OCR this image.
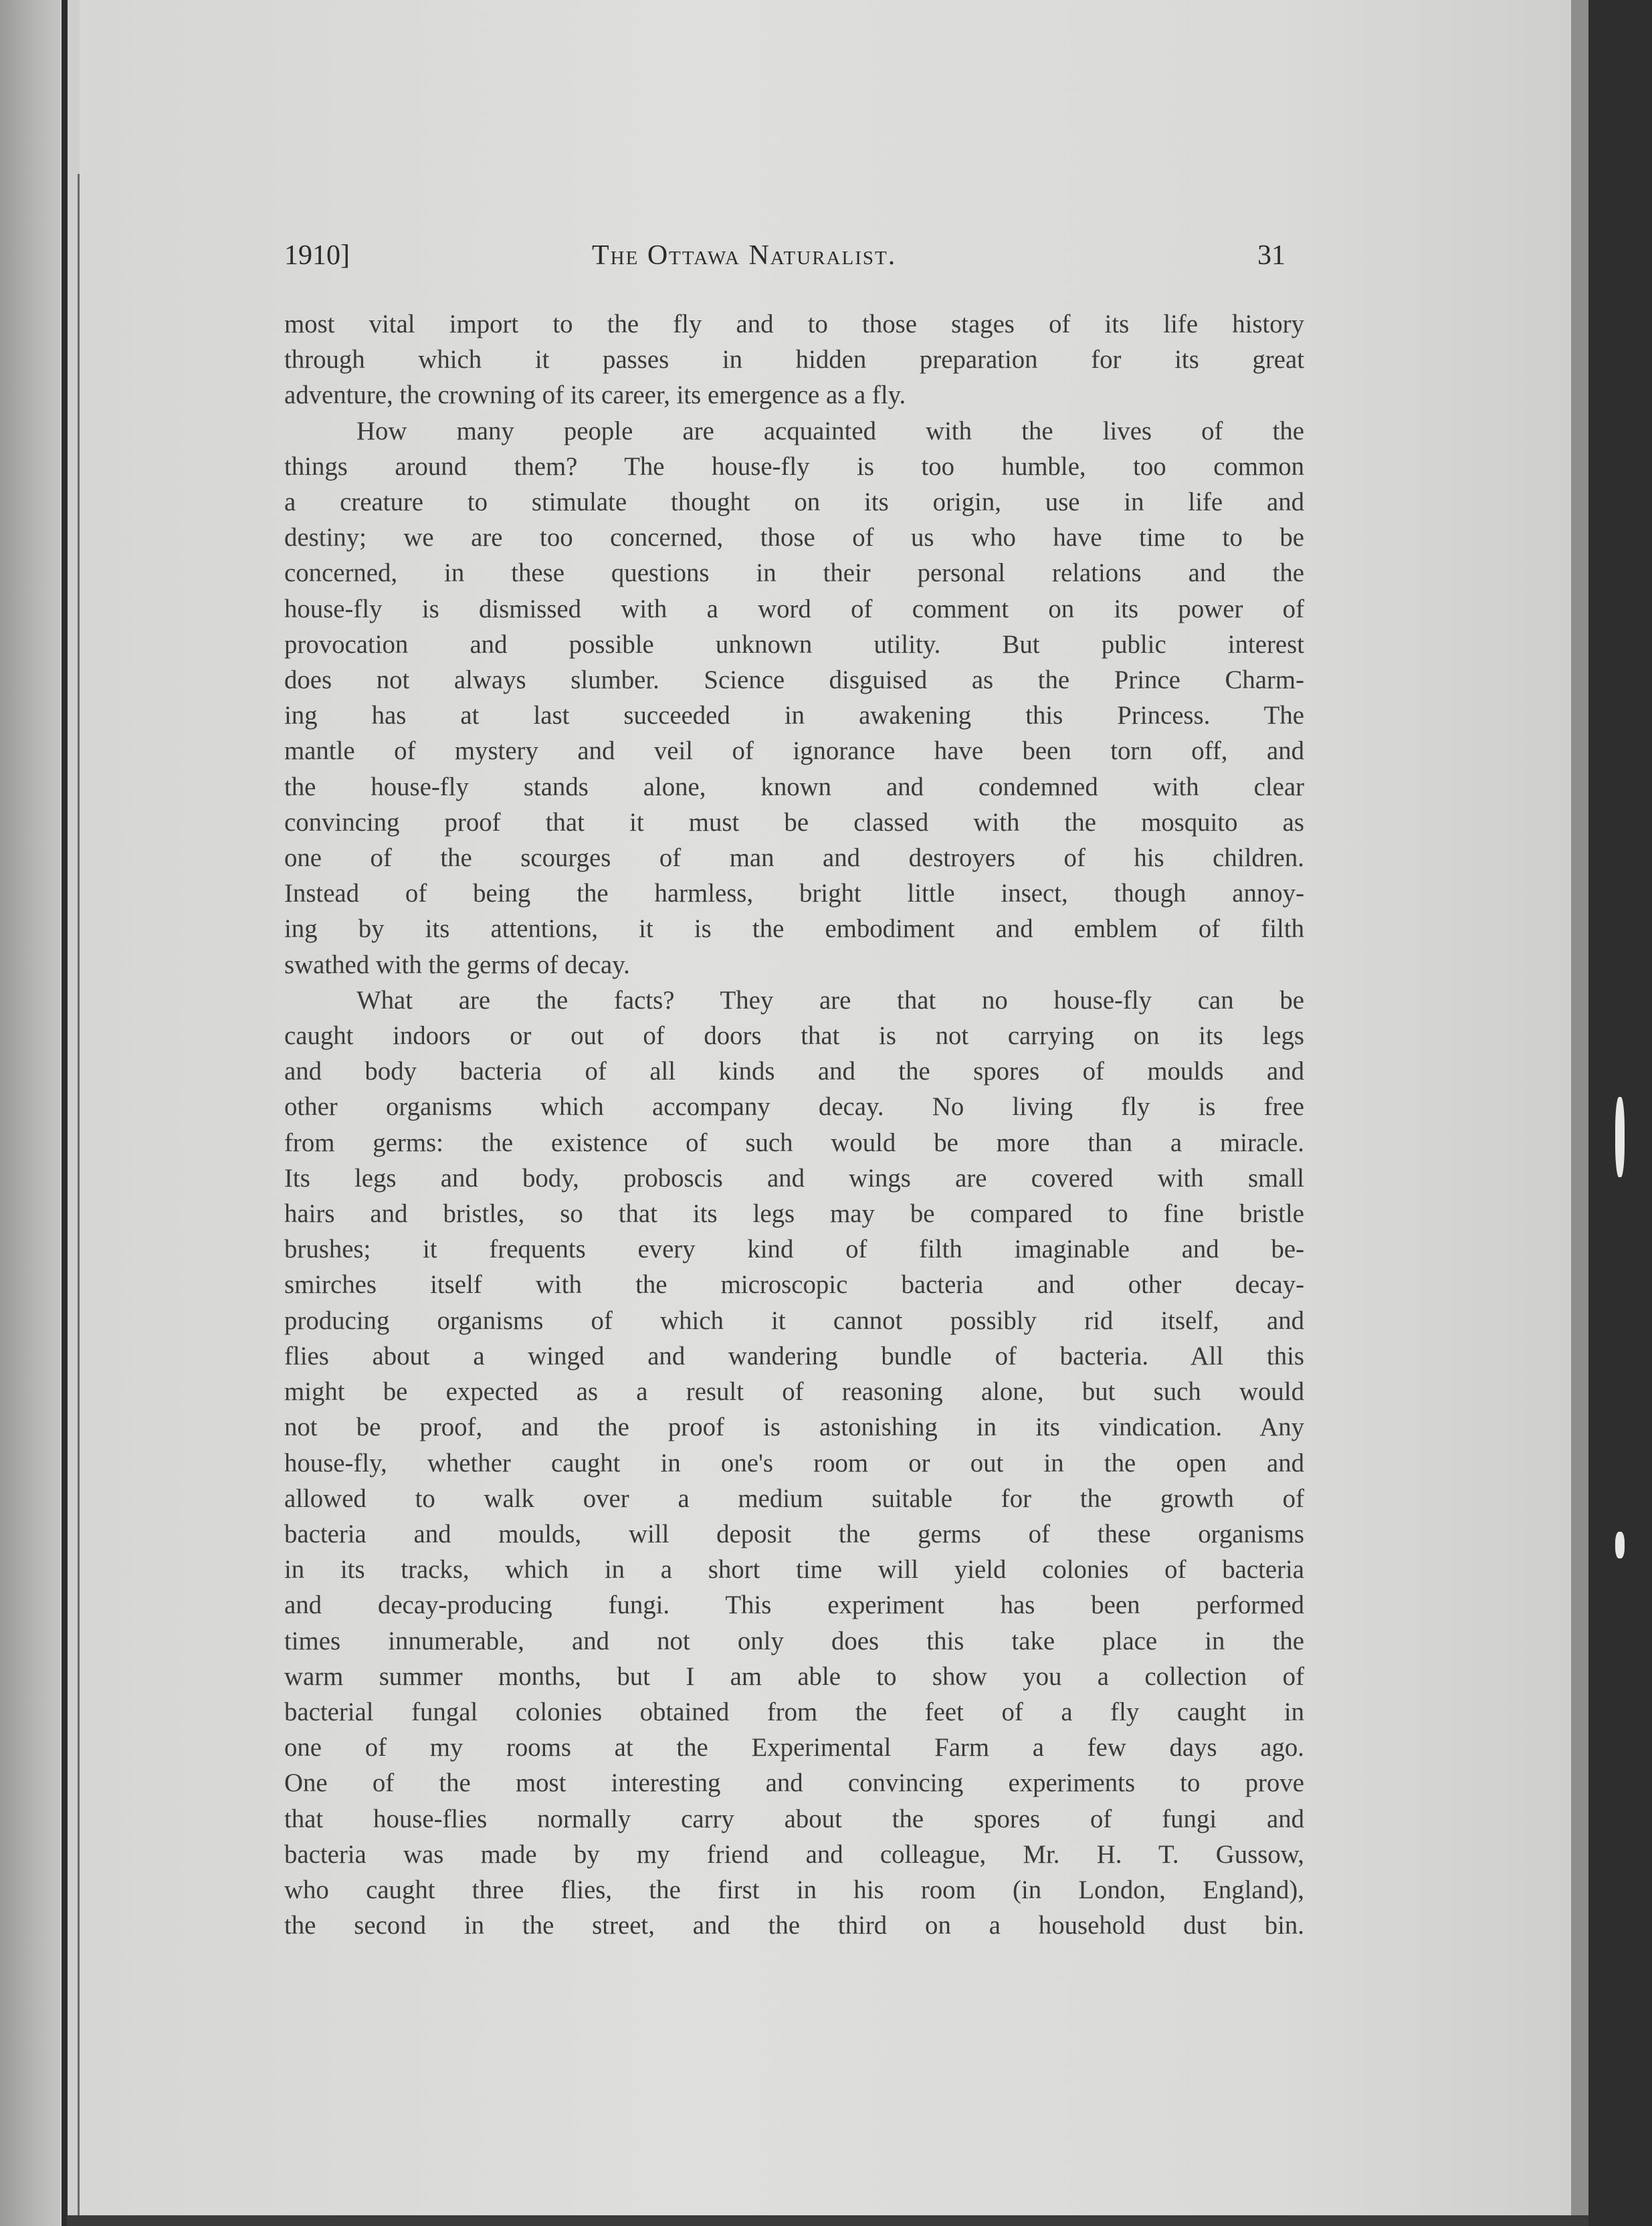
1910]	The Ottawa Naturalist.	31
most vital import to the fly and to those stages of its life history
through which it passes in hidden preparation for its great
adventure, the crowning of its career, its emergence as a fly.
How many people are acquainted with the lives of the
things around them? The house-fly is too humble, too common
a creature to stimulate thought on its origin, use in life and
destiny; we are too concerned, those of us who have time to be
concerned, in these questions in their personal relations and the
house-fly is dismissed with a word of comment on its power of
provocation and possible unknown utility. But public interest
does not always slumber. Science disguised as the Prince Charm-
ing has at last succeeded in awakening this Princess. The
mantle of mystery and veil of ignorance have been torn off, and
the house-fly stands alone, known and condemned with clear
convincing proof that it must be classed with the mosquito as
one of the scourges of man and destroyers of his children.
Instead of being the harmless, bright little insect, though annoy-
ing by its attentions, it is the embodiment and emblem of filth
swathed with the germs of decay.
What are the facts? They are that no house-fly can be
caught indoors or out of doors that is not carrying on its legs
and body bacteria of all kinds and the spores of moulds and
other organisms which accompany decay. No living fly is free
from germs: the existence of such would be more than a miracle.
Its legs and body, proboscis and wings are covered with small
hairs and bristles, so that its legs may be compared to fine bristle
brushes; it frequents every kind of filth imaginable and be-
smirches itself with the microscopic bacteria and other decay-
producing organisms of which it cannot possibly rid itself, and
flies about a winged and wandering bundle of bacteria. All this
might be expected as a result of reasoning alone, but such would
not be proof, and the proof is astonishing in its vindication. Any
house-fly, whether caught in one's room or out in the open and
allowed to walk over a medium suitable for the growth of
bacteria and moulds, will deposit the germs of these organisms
in its tracks, which in a short time will yield colonies of bacteria
and decay-producing fungi. This experiment has been performed
times innumerable, and not only does this take place in the
warm summer months, but I am able to show you a collection of
bacterial fungal colonies obtained from the feet of a fly caught in
one of my rooms at the Experimental Farm a few days ago.
One of the most interesting and convincing experiments to prove
that house-flies normally carry about the spores of fungi and
bacteria was made by my friend and colleague, Mr. H. T. Gussow,
who caught three flies, the first in his room (in London, England),
the second in the street, and the third on a household dust bin.
